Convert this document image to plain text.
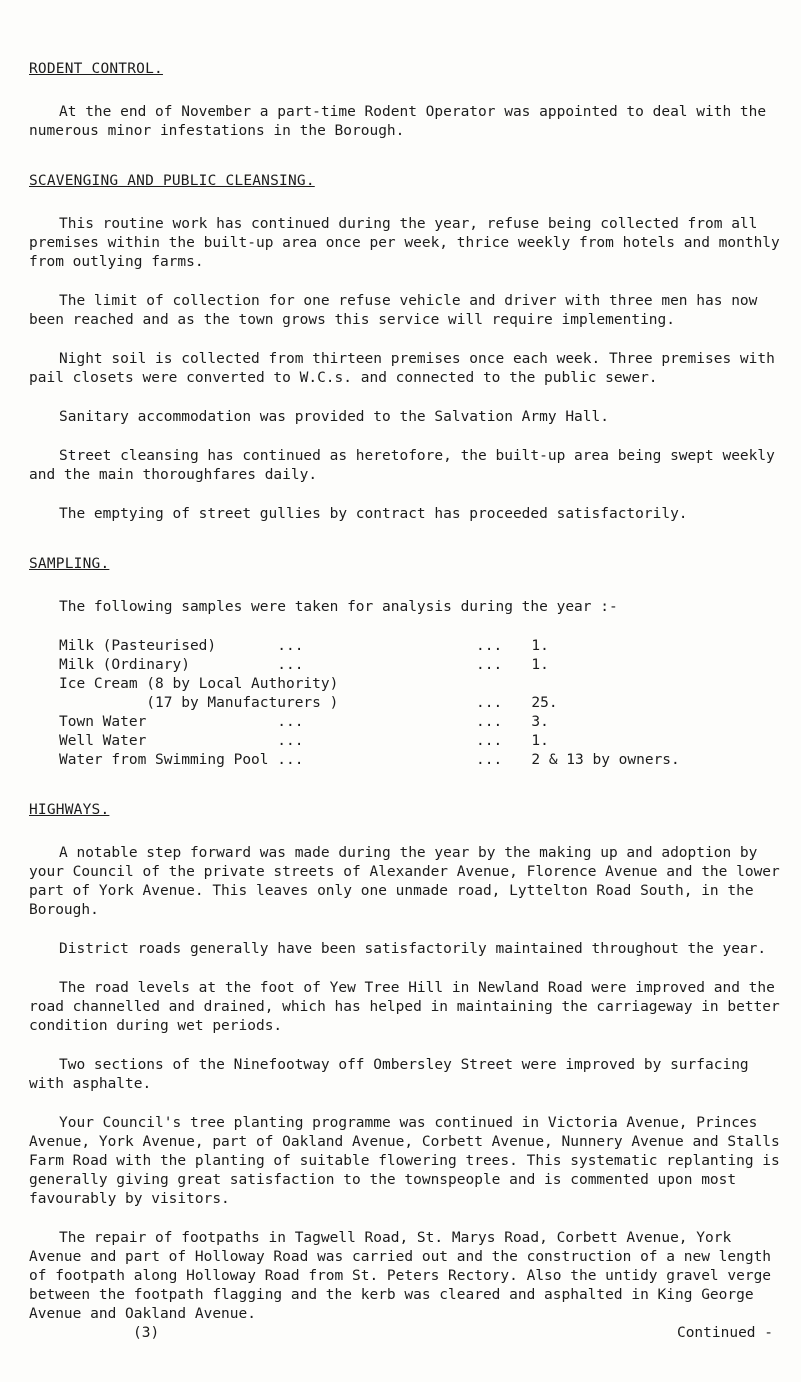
RODENT CONTROL.

At the end of November a part-time Rodent Operator was appointed to deal with the numerous minor infestations in the Borough.

SCAVENGING AND PUBLIC CLEANSING.

This routine work has continued during the year, refuse being collected from all premises within the built-up area once per week, thrice weekly from hotels and monthly from outlying farms.

The limit of collection for one refuse vehicle and driver with three men has now been reached and as the town grows this service will require implementing.

Night soil is collected from thirteen premises once each week. Three premises with pail closets were converted to W.C.s. and connected to the public sewer.

Sanitary accommodation was provided to the Salvation Army Hall.

Street cleansing has continued as heretofore, the built-up area being swept weekly and the main thoroughfares daily.

The emptying of street gullies by contract has proceeded satisfactorily.

SAMPLING.

The following samples were taken for analysis during the year :-

Milk (Pasteurised)       ...	...	1.
Milk (Ordinary)          ...	...	1.
Ice Cream (8 by Local Authority)		
(17 by Manufacturers )	...	25.
Town Water               ...	...	3.
Well Water               ...	...	1.
Water from Swimming Pool ...	...	2 & 13 by owners.
HIGHWAYS.

A notable step forward was made during the year by the making up and adoption by your Council of the private streets of Alexander Avenue, Florence Avenue and the lower part of York Avenue. This leaves only one unmade road, Lyttelton Road South, in the Borough.

District roads generally have been satisfactorily maintained throughout the year.

The road levels at the foot of Yew Tree Hill in Newland Road were improved and the road channelled and drained, which has helped in maintaining the carriageway in better condition during wet periods.

Two sections of the Ninefootway off Ombersley Street were improved by surfacing with asphalte.

Your Council's tree planting programme was continued in Victoria Avenue, Princes Avenue, York Avenue, part of Oakland Avenue, Corbett Avenue, Nunnery Avenue and Stalls Farm Road with the planting of suitable flowering trees. This systematic replanting is generally giving great satisfaction to the townspeople and is commented upon most favourably by visitors.

The repair of footpaths in Tagwell Road, St. Marys Road, Corbett Avenue, York Avenue and part of Holloway Road was carried out and the construction of a new length of footpath along Holloway Road from St. Peters Rectory. Also the untidy gravel verge between the footpath flagging and the kerb was cleared and asphalted in King George Avenue and Oakland Avenue.

(3)	Continued -
